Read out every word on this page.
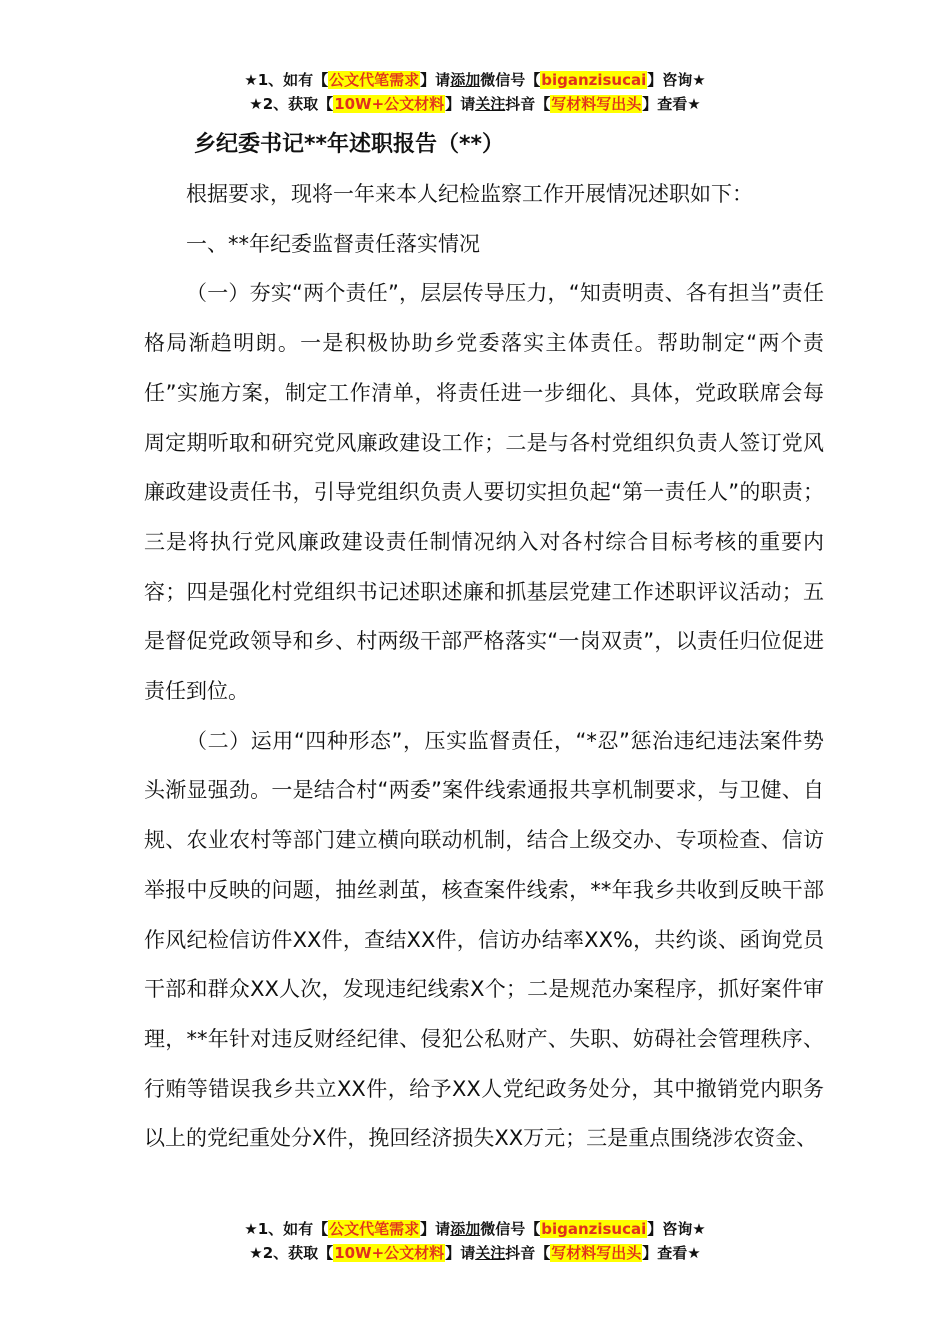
★1、如有【公文代笔需求】请添加微信号【biganzisucai】咨询★
★2、获取【10W+公文材料】请关注抖音【写材料写出头】查看★
乡纪委书记**年述职报告（**）

根据要求，现将一年来本人纪检监察工作开展情况述职如下：

一、**年纪委监督责任落实情况

（一）夯实“两个责任”，层层传导压力，“知责明责、各有担当”责任格局渐趋明朗。一是积极协助乡党委落实主体责任。帮助制定“两个责任”实施方案，制定工作清单，将责任进一步细化、具体，党政联席会每周定期听取和研究党风廉政建设工作；二是与各村党组织负责人签订党风廉政建设责任书，引导党组织负责人要切实担负起“第一责任人”的职责；三是将执行党风廉政建设责任制情况纳入对各村综合目标考核的重要内容；四是强化村党组织书记述职述廉和抓基层党建工作述职评议活动；五是督促党政领导和乡、村两级干部严格落实“一岗双责”，以责任归位促进责任到位。

（二）运用“四种形态”，压实监督责任，“*忍”惩治违纪违法案件势头渐显强劲。一是结合村“两委”案件线索通报共享机制要求，与卫健、自规、农业农村等部门建立横向联动机制，结合上级交办、专项检查、信访举报中反映的问题，抽丝剥茧，核查案件线索，**年我乡共收到反映干部作风纪检信访件XX件，查结XX件，信访办结率XX%，共约谈、函询党员干部和群众XX人次，发现违纪线索X个；二是规范办案程序，抓好案件审理，**年针对违反财经纪律、侵犯公私财产、失职、妨碍社会管理秩序、行贿等错误我乡共立XX件，给予XX人党纪政务处分，其中撤销党内职务以上的党纪重处分X件，挽回经济损失XX万元；三是重点围绕涉农资金、

★1、如有【公文代笔需求】请添加微信号【biganzisucai】咨询★
★2、获取【10W+公文材料】请关注抖音【写材料写出头】查看★
